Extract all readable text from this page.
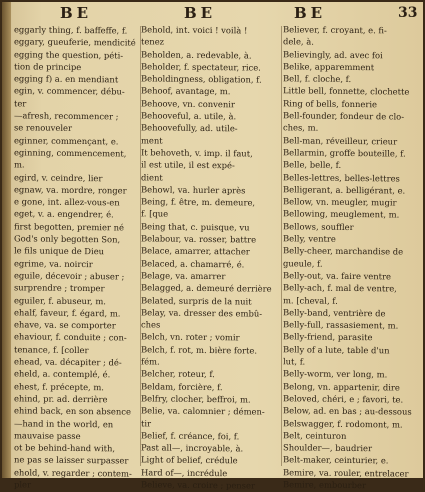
BE	BE	BE	33
eggarly thing, f. baffeffe, f.
eggary, gueuferie, mendicité
egging the question, péti-
tion de principe
egging f) a. en mendiant
egin, v. commencer, débu-
ter
—afresh, recommencer ;
se renouveler
eginner, commençant, e.
eginning, commencement,
m.
egird, v. ceindre, lier
egnaw, va. mordre, ronger
e gone, int. allez-vous-en
eget, v. a. engendrer, é.
first begotten, premier né
God's only begotten Son,
le fils unique de Dieu
egrime, va. noircir
eguile, décevoir ; abuser ;
surprendre ; tromper
eguiler, f. abuseur, m.
ehalf, faveur, f. égard, m.
ehave, va. se comporter
ehaviour, f. conduite ; con-
tenance, f. [coller
ehead, va. décapiter ; dé-
eheld, a. contemplé, é.
ehest, f. précepte, m.
ehind, pr. ad. derrière
ehind back, en son absence
—hand in the world, en
mauvaise passe
ot be behind-hand with,
ne pas se laisser surpasser
ehold, v. regarder ; contem-
pler
Behold, int. voici ! voilà !
tenez
Beholden, a. redevable, à.
Beholder, f. spectateur, rice.
Beholdingness, obligation, f.
Behoof, avantage, m.
Behoove, vn. convenir
Behooveful, a. utile, à.
Behoovefully, ad. utile-
ment
It behoveth, v. imp. il faut,
il est utile, il est expé-
dient
Behowl, va. hurler après
Being, f. être, m. demeure,
f. [que
Being that, c. puisque, vu
Belabour, va. rosser, battre
Belace, amarrer, attacher
Belaced, a. chamarré, é.
Belage, va. amarrer
Belagged, a. demeuré derrière
Belated, surpris de la nuit
Belay, va. dresser des embû-
ches
Belch, vn. roter ; vomir
Belch, f. rot, m. bière forte.
fém.
Belcher, roteur, f.
Beldam, forcière, f.
Belfry, clocher, beffroi, m.
Belie, va. calomnier ; démen-
tir
Belief, f. créance, foi, f.
Past all—, incroyable, à.
Light of belief, crédule
Hard of—, incrédule
Believe, va. croire ; penser
Believer, f. croyant, e. fi-
dele, à.
Believingly, ad. avec foi
Belike, apparemment
Bell, f. cloche, f.
Little bell, fonnette, clochette
Ring of bells, fonnerie
Bell-founder, fondeur de clo-
ches, m.
Bell-man, réveilleur, crieur
Bellarmin, groffe bouteille, f.
Belle, belle, f.
Belles-lettres, belles-lettres
Belligerant, a. belligérant, e.
Bellow, vn. meugler, mugir
Bellowing, meuglement, m.
Bellows, souffler
Belly, ventre
Belly-cheer, marchandise de
gueule, f.
Belly-out, va. faire ventre
Belly-ach, f. mal de ventre,
m. [cheval, f.
Belly-band, ventrière de
Belly-full, rassasiement, m.
Belly-friend, parasite
Belly of a lute, table d'un
lut, f.
Belly-worm, ver long, m.
Belong, vn. appartenir, dire
Beloved, chéri, e ; favori, te.
Below, ad. en bas ; au-dessous
Belswagger, f. rodomont, m.
Belt, ceinturon
Shoulder—, baudrier
Belt-maker, ceinturier, e.
Bemire, va. rouler, entrelacer
Bemire, embourber
